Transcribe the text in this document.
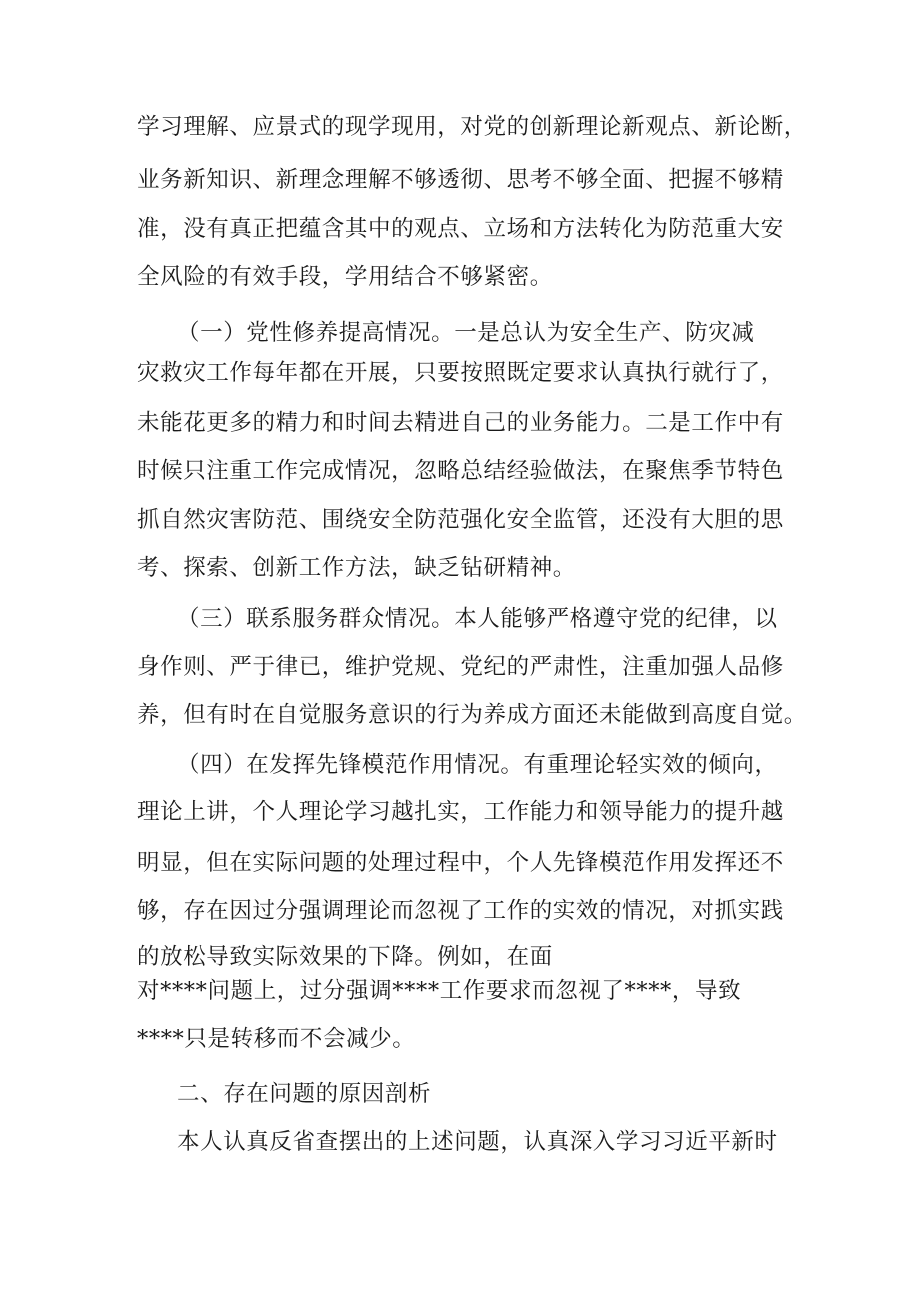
学习理解、应景式的现学现用，对党的创新理论新观点、新论断，
业务新知识、新理念理解不够透彻、思考不够全面、把握不够精
准，没有真正把蕴含其中的观点、立场和方法转化为防范重大安
全风险的有效手段，学用结合不够紧密。
（一）党性修养提高情况。一是总认为安全生产、防灾减
灾救灾工作每年都在开展，只要按照既定要求认真执行就行了，
未能花更多的精力和时间去精进自己的业务能力。二是工作中有
时候只注重工作完成情况，忽略总结经验做法，在聚焦季节特色
抓自然灾害防范、围绕安全防范强化安全监管，还没有大胆的思
考、探索、创新工作方法，缺乏钻研精神。
（三）联系服务群众情况。本人能够严格遵守党的纪律，以
身作则、严于律已，维护党规、党纪的严肃性，注重加强人品修
养，但有时在自觉服务意识的行为养成方面还未能做到高度自觉。
（四）在发挥先锋模范作用情况。有重理论轻实效的倾向，
理论上讲，个人理论学习越扎实，工作能力和领导能力的提升越
明显，但在实际问题的处理过程中，个人先锋模范作用发挥还不
够，存在因过分强调理论而忽视了工作的实效的情况，对抓实践
的放松导致实际效果的下降。例如，在面
对****问题上，过分强调****工作要求而忽视了****，导致
****只是转移而不会减少。
二、存在问题的原因剖析
本人认真反省查摆出的上述问题，认真深入学习习近平新时
